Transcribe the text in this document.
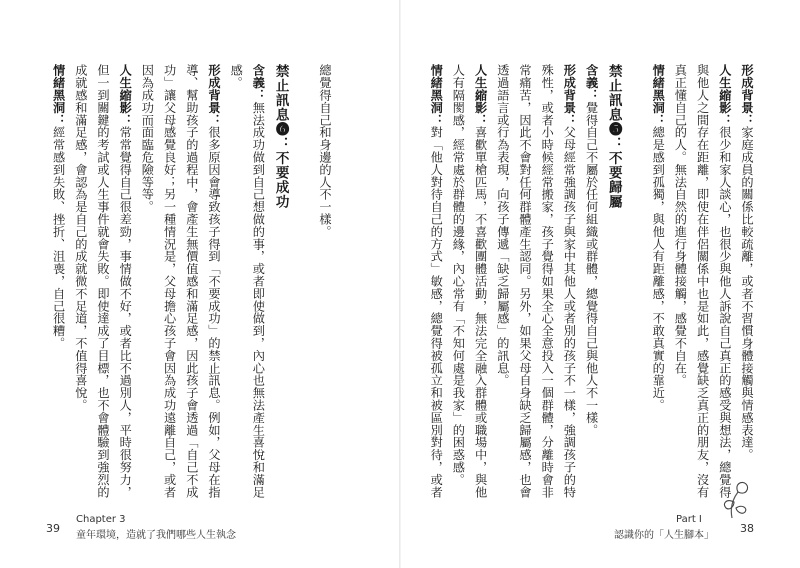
形成背景：家庭成員的關係比較疏離，或者不習慣身體接觸與情感表達。
人生縮影：很少和家人談心，也很少與他人訴說自己真正的感受與想法，總覺得
與他人之間存在距離，即使在伴侶關係中也是如此，感覺缺乏真正的朋友，沒有
真正懂自己的人。無法自然的進行身體接觸，感覺不自在。
情緒黑洞：總是感到孤獨，與他人有距離感，不敢真實的靠近。
禁止訊息❺：不要歸屬
含義：覺得自己不屬於任何組織或群體，總覺得自己與他人不一樣。
形成背景：父母經常強調孩子與家中其他人或者別的孩子不一樣，強調孩子的特
殊性，或者小時候經常搬家，孩子覺得如果全心全意投入一個群體，分離時會非
常痛苦，因此不會對任何群體產生認同。另外，如果父母自身缺乏歸屬感，也會
透過語言或行為表現，向孩子傳遞「缺乏歸屬感」的訊息。
人生縮影：喜歡單槍匹馬，不喜歡團體活動，無法完全融入群體或職場中，與他
人有隔閡感，經常處於群體的邊緣，內心常有「不知何處是我家」的困惑感。
情緒黑洞：對「他人對待自己的方式」敏感，總覺得被孤立和被區別對待，或者
總覺得自己和身邊的人不一樣。
禁止訊息❻：不要成功
含義：無法成功做到自己想做的事，或者即使做到，內心也無法產生喜悅和滿足
感。
形成背景：很多原因會導致孩子得到「不要成功」的禁止訊息。例如，父母在指
導、幫助孩子的過程中，會產生無價值感和滿足感，因此孩子會透過「自己不成
功」讓父母感覺良好；另一種情況是，父母擔心孩子會因為成功遠離自己，或者
因為成功而面臨危險等等。
人生縮影：常常覺得自己很差勁，事情做不好，或者比不過別人，平時很努力，
但一到關鍵的考試或人生事件就會失敗。即使達成了目標，也不會體驗到強烈的
成就感和滿足感，會認為是自己的成就微不足道，不值得喜悅。
情緒黑洞：經常感到失敗、挫折、沮喪，自己很糟。
39
Chapter 3
童年環境，造就了我們哪些人生執念
Part Ⅰ
認識你的「人生腳本」
38
